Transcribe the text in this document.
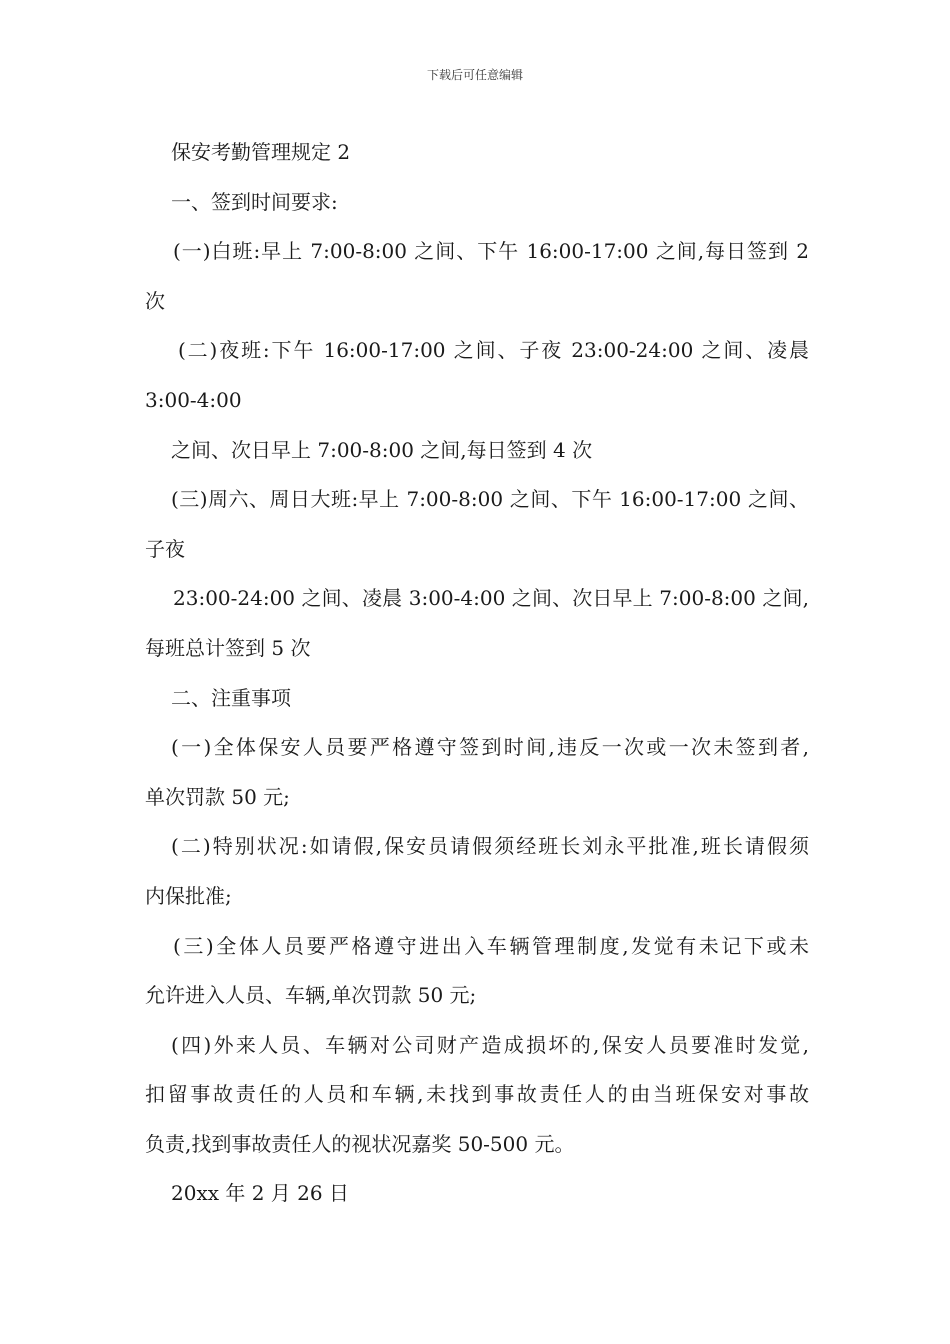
下载后可任意编辑
保安考勤管理规定 2
一、签到时间要求:
(一)白班:早上 7:00-8:00 之间、下午 16:00-17:00 之间,每日签到 2
次
(二)夜班:下午 16:00-17:00 之间、子夜 23:00-24:00 之间、凌晨
3:00-4:00
之间、次日早上 7:00-8:00 之间,每日签到 4 次
(三)周六、周日大班:早上 7:00-8:00 之间、下午 16:00-17:00 之间、
子夜
23:00-24:00 之间、凌晨 3:00-4:00 之间、次日早上 7:00-8:00 之间,
每班总计签到 5 次
二、注重事项
(一)全体保安人员要严格遵守签到时间,违反一次或一次未签到者,
单次罚款 50 元;
(二)特别状况:如请假,保安员请假须经班长刘永平批准,班长请假须
内保批准;
(三)全体人员要严格遵守进出入车辆管理制度,发觉有未记下或未
允许进入人员、车辆,单次罚款 50 元;
(四)外来人员、车辆对公司财产造成损坏的,保安人员要准时发觉,
扣留事故责任的人员和车辆,未找到事故责任人的由当班保安对事故
负责,找到事故责任人的视状况嘉奖 50-500 元。
20xx 年 2 月 26 日
